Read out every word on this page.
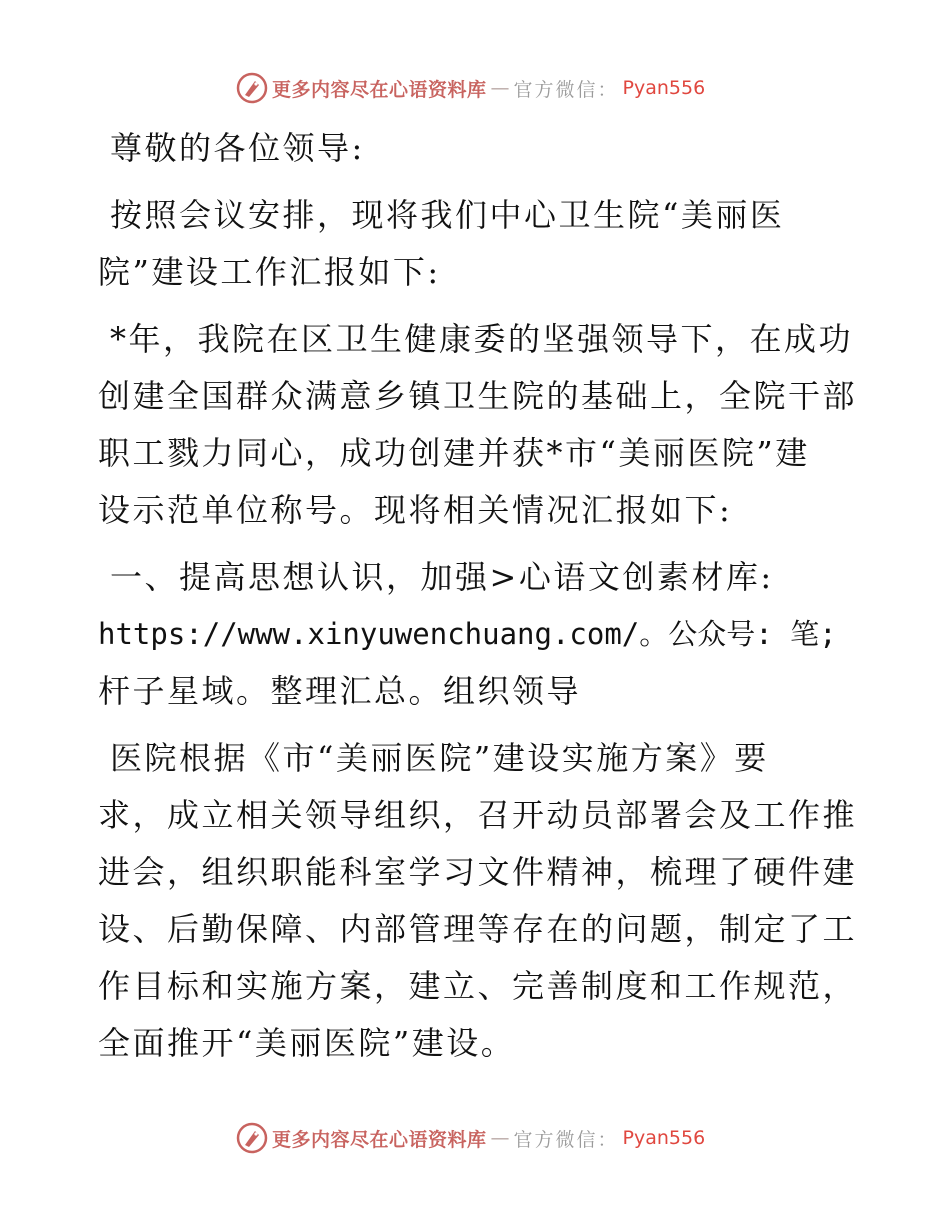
更多内容尽在心语资料库 — 官方微信： Pyan556

尊敬的各位领导:

按照会议安排，现将我们中心卫生院“美丽医
院”建设工作汇报如下:

*年，我院在区卫生健康委的坚强领导下，在成功
创建全国群众满意乡镇卫生院的基础上，全院干部
职工戮力同心，成功创建并获*市“美丽医院”建
设示范单位称号。现将相关情况汇报如下:

一、提高思想认识，加强>心语文创素材库:
https://www.xinyuwenchuang.com/。公众号: 笔;
杆子星域。整理汇总。组织领导

医院根据《市“美丽医院”建设实施方案》要
求，成立相关领导组织，召开动员部署会及工作推
进会，组织职能科室学习文件精神，梳理了硬件建
设、后勤保障、内部管理等存在的问题，制定了工
作目标和实施方案，建立、完善制度和工作规范，
全面推开“美丽医院”建设。

更多内容尽在心语资料库 — 官方微信： Pyan556
